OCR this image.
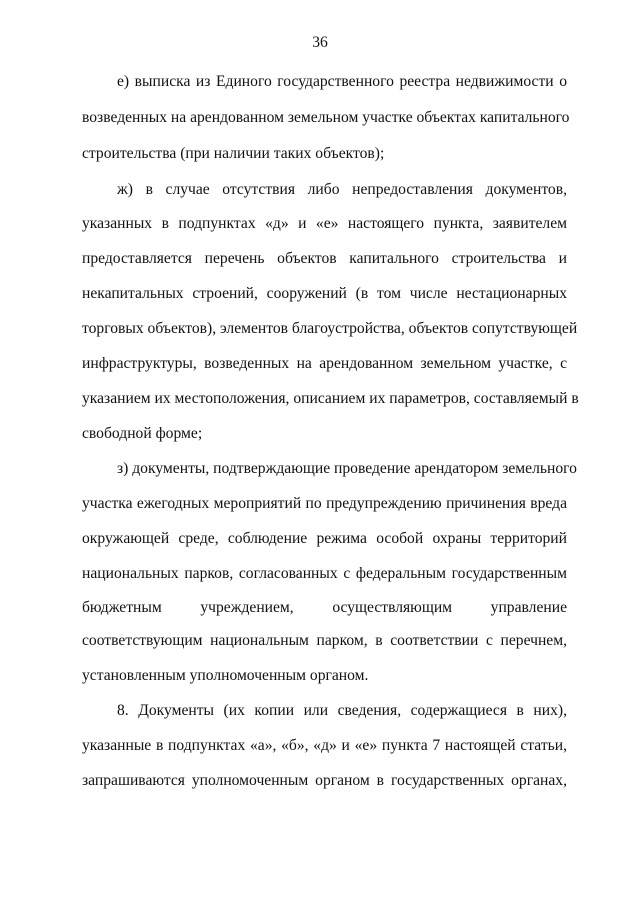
36
е) выписка из Единого государственного реестра недвижимости о
возведенных на арендованном земельном участке объектах капитального
строительства (при наличии таких объектов);
ж) в случае отсутствия либо непредоставления документов,
указанных в подпунктах «д» и «е» настоящего пункта, заявителем
предоставляется перечень объектов капитального строительства и
некапитальных строений, сооружений (в том числе нестационарных
торговых объектов), элементов благоустройства, объектов сопутствующей
инфраструктуры, возведенных на арендованном земельном участке, с
указанием их местоположения, описанием их параметров, составляемый в
свободной форме;
з) документы, подтверждающие проведение арендатором земельного
участка ежегодных мероприятий по предупреждению причинения вреда
окружающей среде, соблюдение режима особой охраны территорий
национальных парков, согласованных с федеральным государственным
бюджетным учреждением, осуществляющим управление
соответствующим национальным парком, в соответствии с перечнем,
установленным уполномоченным органом.
8. Документы (их копии или сведения, содержащиеся в них),
указанные в подпунктах «а», «б», «д» и «е» пункта 7 настоящей статьи,
запрашиваются уполномоченным органом в государственных органах,
